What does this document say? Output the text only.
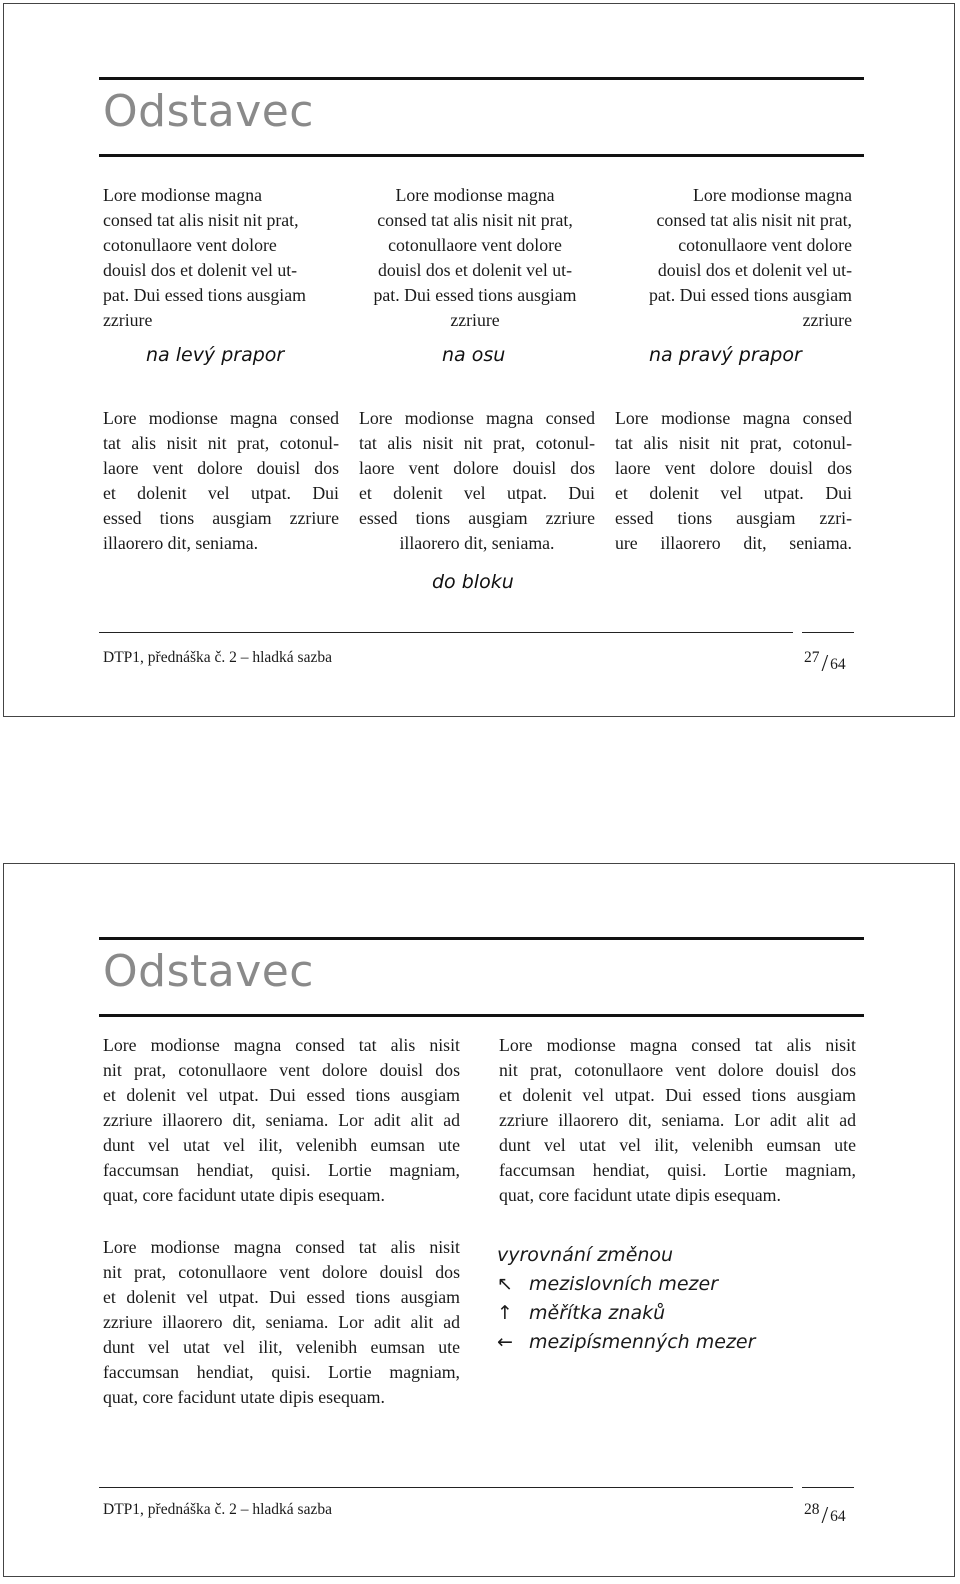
Odstavec
Lore modionse magna
consed tat alis nisit nit prat,
cotonullaore vent dolore
douisl dos et dolenit vel ut-
pat. Dui essed tions ausgiam
zzriure
Lore modionse magna
consed tat alis nisit nit prat,
cotonullaore vent dolore
douisl dos et dolenit vel ut-
pat. Dui essed tions ausgiam
zzriure
Lore modionse magna
consed tat alis nisit nit prat,
cotonullaore vent dolore
douisl dos et dolenit vel ut-
pat. Dui essed tions ausgiam
zzriure
na levý prapor	na osu	na pravý prapor
Lore modionse magna consed
tat alis nisit nit prat, cotonul-
laore vent dolore douisl dos
et dolenit vel utpat. Dui
essed tions ausgiam zzriure
illaorero dit, seniama.
Lore modionse magna consed
tat alis nisit nit prat, cotonul-
laore vent dolore douisl dos
et dolenit vel utpat. Dui
essed tions ausgiam zzriure
illaorero dit, seniama.
Lore modionse magna consed
tat alis nisit nit prat, cotonul-
laore vent dolore douisl dos
et dolenit vel utpat. Dui
essed tions ausgiam zzri-
ure illaorero dit, seniama.
do bloku
DTP1, přednáška č. 2 – hladká sazba	27/ 64
Odstavec
Lore modionse magna consed tat alis nisit
nit prat, cotonullaore vent dolore douisl dos
et dolenit vel utpat. Dui essed tions ausgiam
zzriure illaorero dit, seniama. Lor adit alit ad
dunt vel utat vel ilit, velenibh eumsan ute
faccumsan hendiat, quisi. Lortie magniam,
quat, core facidunt utate dipis esequam.
Lore modionse magna consed tat alis nisit
nit prat, cotonullaore vent dolore douisl dos
et dolenit vel utpat. Dui essed tions ausgiam
zzriure illaorero dit, seniama. Lor adit alit ad
dunt vel utat vel ilit, velenibh eumsan ute
faccumsan hendiat, quisi. Lortie magniam,
quat, core facidunt utate dipis esequam.
Lore modionse magna consed tat alis nisit
nit prat, cotonullaore vent dolore douisl dos
et dolenit vel utpat. Dui essed tions ausgiam
zzriure illaorero dit, seniama. Lor adit alit ad
dunt vel utat vel ilit, velenibh eumsan ute
faccumsan hendiat, quisi. Lortie magniam,
quat, core facidunt utate dipis esequam.
DTP1, přednáška č. 2 – hladká sazba	28/ 64
vyrovnání změnou
↖ mezislovních mezer
↑ měřítka znaků
← mezipísmenných mezer
